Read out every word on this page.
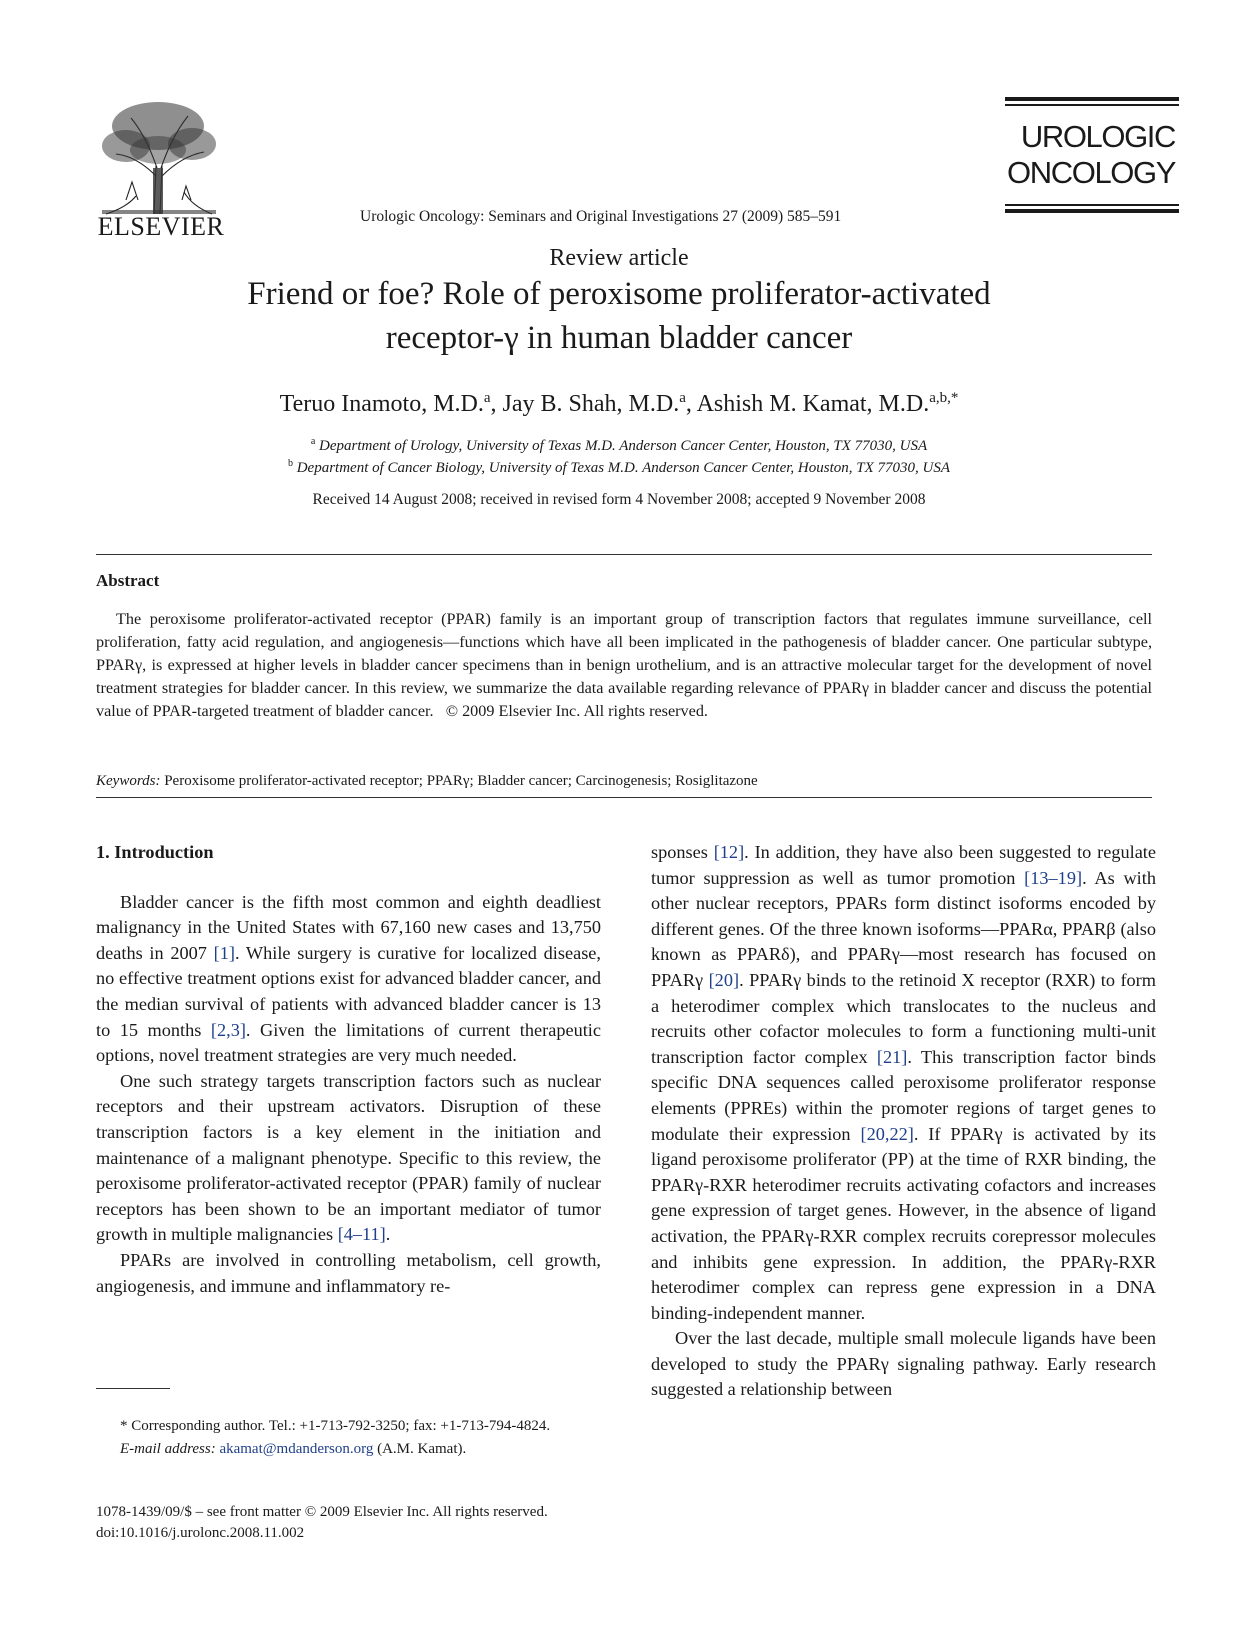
ELSEVIER	Urologic Oncology: Seminars and Original Investigations 27 (2009) 585–591
UROLOGIC
ONCOLOGY
Review article
Friend or foe? Role of peroxisome proliferator-activated
receptor-γ in human bladder cancer
Teruo Inamoto, M.D.$^a$, Jay B. Shah, M.D.$^a$, Ashish M. Kamat, M.D.$^{a,b,*}$
$^a$ Department of Urology, University of Texas M.D. Anderson Cancer Center, Houston, TX 77030, USA
$^b$ Department of Cancer Biology, University of Texas M.D. Anderson Cancer Center, Houston, TX 77030, USA
Received 14 August 2008; received in revised form 4 November 2008; accepted 9 November 2008
Abstract
The peroxisome proliferator-activated receptor (PPAR) family is an important group of transcription factors that regulates immune surveillance, cell proliferation, fatty acid regulation, and angiogenesis—functions which have all been implicated in the pathogenesis of bladder cancer. One particular subtype, PPARγ, is expressed at higher levels in bladder cancer specimens than in benign urothelium, and is an attractive molecular target for the development of novel treatment strategies for bladder cancer. In this review, we summarize the data available regarding relevance of PPARγ in bladder cancer and discuss the potential value of PPAR-targeted treatment of bladder cancer. © 2009 Elsevier Inc. All rights reserved.
Keywords: Peroxisome proliferator-activated receptor; PPARγ; Bladder cancer; Carcinogenesis; Rosiglitazone

1. Introduction

Bladder cancer is the fifth most common and eighth deadliest malignancy in the United States with 67,160 new cases and 13,750 deaths in 2007 [1]. While surgery is curative for localized disease, no effective treatment options exist for advanced bladder cancer, and the median survival of patients with advanced bladder cancer is 13 to 15 months [2,3]. Given the limitations of current therapeutic options, novel treatment strategies are very much needed.

One such strategy targets transcription factors such as nuclear receptors and their upstream activators. Disruption of these transcription factors is a key element in the initiation and maintenance of a malignant phenotype. Specific to this review, the peroxisome proliferator-activated receptor (PPAR) family of nuclear receptors has been shown to be an important mediator of tumor growth in multiple malignancies [4–11].

PPARs are involved in controlling metabolism, cell growth, angiogenesis, and immune and inflammatory re-

sponses [12]. In addition, they have also been suggested to regulate tumor suppression as well as tumor promotion [13–19]. As with other nuclear receptors, PPARs form distinct isoforms encoded by different genes. Of the three known isoforms—PPARα, PPARβ (also known as PPARδ), and PPARγ—most research has focused on PPARγ [20]. PPARγ binds to the retinoid X receptor (RXR) to form a heterodimer complex which translocates to the nucleus and recruits other cofactor molecules to form a functioning multi-unit transcription factor complex [21]. This transcription factor binds specific DNA sequences called peroxisome proliferator response elements (PPREs) within the promoter regions of target genes to modulate their expression [20,22]. If PPARγ is activated by its ligand peroxisome proliferator (PP) at the time of RXR binding, the PPARγ-RXR heterodimer recruits activating cofactors and increases gene expression of target genes. However, in the absence of ligand activation, the PPARγ-RXR complex recruits corepressor molecules and inhibits gene expression. In addition, the PPARγ-RXR heterodimer complex can repress gene expression in a DNA binding-independent manner.

Over the last decade, multiple small molecule ligands have been developed to study the PPARγ signaling pathway. Early research suggested a relationship between

* Corresponding author. Tel.: +1-713-792-3250; fax: +1-713-794-4824.

E-mail address: akamat@mdanderson.org (A.M. Kamat).

1078-1439/09/$ – see front matter © 2009 Elsevier Inc. All rights reserved.
doi:10.1016/j.urolonc.2008.11.002
